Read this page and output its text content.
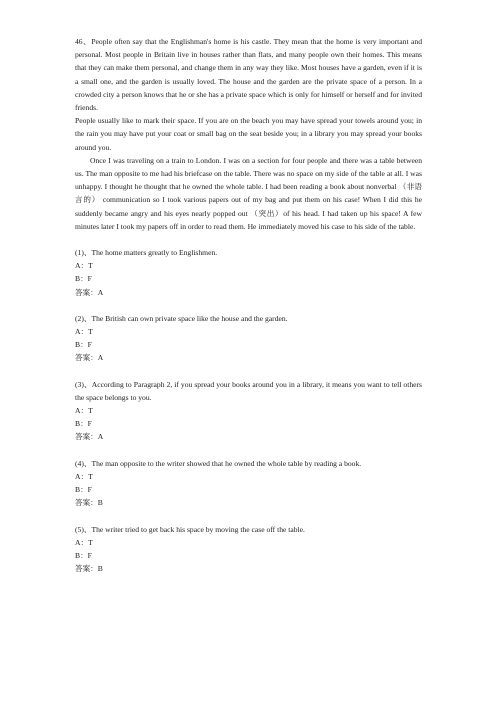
46、People often say that the Englishman's home is his castle. They mean that the home is very important and personal. Most people in Britain live in houses rather than flats, and many people own their homes. This means that they can make them personal, and change them in any way they like. Most houses have a garden, even if it is a small one, and the garden is usually loved. The house and the garden are the private space of a person. In a crowded city a person knows that he or she has a private space which is only for himself or herself and for invited friends.

People usually like to mark their space. If you are on the beach you may have spread your towels around you; in the rain you may have put your coat or small bag on the seat beside you; in a library you may spread your books around you.

Once I was traveling on a train to London. I was on a section for four people and there was a table between us. The man opposite to me had his briefcase on the table. There was no space on my side of the table at all. I was unhappy. I thought he thought that he owned the whole table. I had been reading a book about nonverbal （非语言的） communication so I took various papers out of my bag and put them on his case! When I did this he suddenly became angry and his eyes nearly popped out （突出）of his head. I had taken up his space! A few minutes later I took my papers off in order to read them. He immediately moved his case to his side of the table.

(1)、The home matters greatly to Englishmen.

A：T

B：F

答案：A

(2)、The British can own private space like the house and the garden.

A：T

B：F

答案：A

(3)、According to Paragraph 2, if you spread your books around you in a library, it means you want to tell others the space belongs to you.

A：T

B：F

答案：A

(4)、The man opposite to the writer showed that he owned the whole table by reading a book.

A：T

B：F

答案：B

(5)、The writer tried to get back his space by moving the case off the table.

A：T

B：F

答案：B
